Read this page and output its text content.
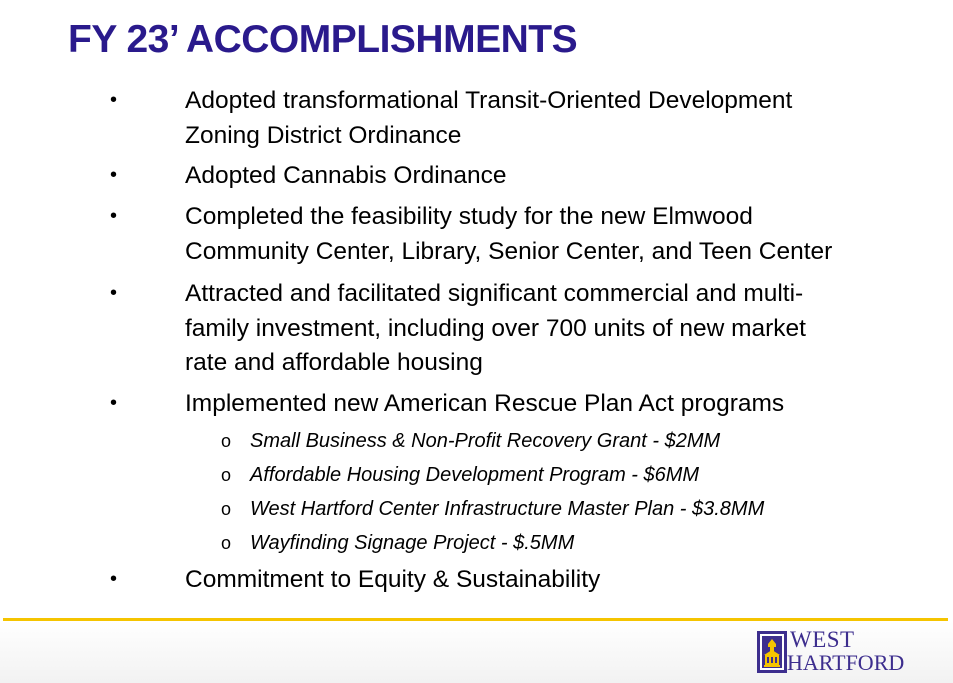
FY 23’ ACCOMPLISHMENTS
•	Adopted transformational Transit-Oriented Development
Zoning District Ordinance
•	Adopted Cannabis Ordinance
•	Completed the feasibility study for the new Elmwood
Community Center, Library, Senior Center, and Teen Center
•	Attracted and facilitated significant commercial and multi-
family investment, including over 700 units of new market
rate and affordable housing
•	Implemented new American Rescue Plan Act programs
o Small Business & Non-Profit Recovery Grant - $2MM
o Affordable Housing Development Program - $6MM
o West Hartford Center Infrastructure Master Plan - $3.8MM
o Wayfinding Signage Project - $.5MM
•	Commitment to Equity & Sustainability
WEST
HARTFORD
